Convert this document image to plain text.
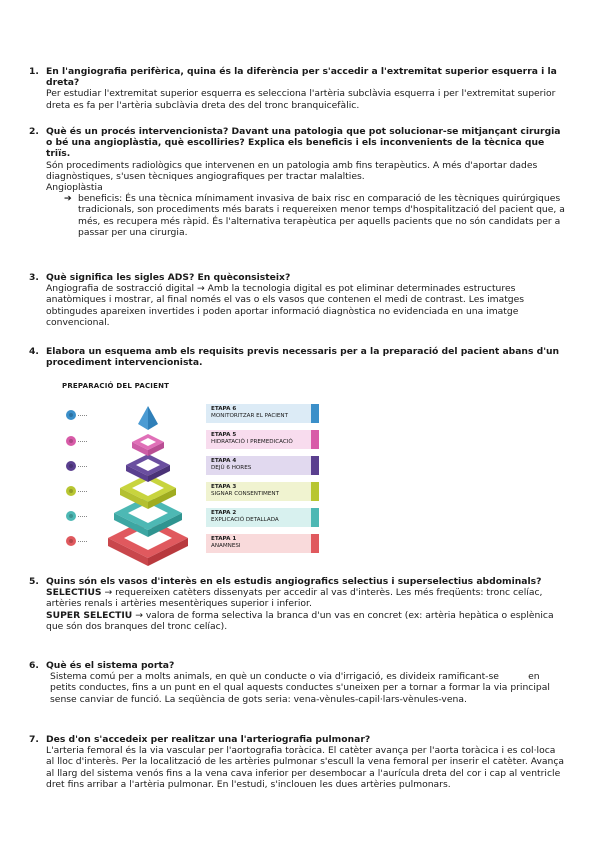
1. En l'angiografia perifèrica, quina és la diferència per s'accedir a l'extremitat superior esquerra i la dreta?

Per estudiar l'extremitat superior esquerra es selecciona l'artèria subclàvia esquerra i per l'extremitat superior dreta es fa per l'artèria subclàvia dreta des del tronc branquicefàlic.

2. Què és un procés intervencionista? Davant una patologia que pot solucionar-se mitjançant cirurgia o bé una angioplàstia, què escolliries? Explica els beneficis i els inconvenients de la tècnica que triïs.

Són procediments radiològics que intervenen en un patologia amb fins terapèutics. A més d'aportar dades diagnòstiques, s'usen tècniques angiografiques per tractar malalties.

Angioplàstia

➔ beneficis: És una tècnica mínimament invasiva de baix risc en comparació de les tècniques quirúrgiques tradicionals, son procediments més barats i requereixen menor temps d'hospitalització del pacient que, a més, es recupera més ràpid. És l'alternativa terapèutica per aquells pacients que no són candidats per a passar per una cirurgia.
3. Què significa les sigles ADS? En quèconsisteix?

Angiografia de sostracció digital → Amb la tecnologia digital es pot eliminar determinades estructures anatòmiques i mostrar, al final només el vas o els vasos que contenen el medi de contrast. Les imatges obtingudes apareixen invertides i poden aportar informació diagnòstica no evidenciada en una imatge convencional.

4. Elabora un esquema amb els requisits previs necessaris per a la preparació del pacient abans d'un procediment intervencionista.

PREPARACIÓ DEL PACIENT
ETAPA 6
MONITORITZAR EL PACIENT
ETAPA 5
HIDRATACIÓ I PREMEDICACIÓ
ETAPA 4
DEJÚ 6 HORES
ETAPA 3
SIGNAR CONSENTIMENT
ETAPA 2
EXPLICACIÓ DETALLADA
ETAPA 1
ANAMNESI
5. Quins són els vasos d'interès en els estudis angiografics selectius i superselectius abdominals?

SELECTIUS → requereixen catèters dissenyats per accedir al vas d'interès. Les més freqüents: tronc celíac, artèries renals i artèries mesentèriques superior i inferior.

SUPER SELECTIU → valora de forma selectiva la branca d'un vas en concret (ex: artèria hepàtica o esplènica que són dos branques del tronc celíac).

6. Què és el sistema porta?

Sistema comú per a molts animals, en què un conducte o via d'irrigació, es divideix ramificant-se          en petits conductes, fins a un punt en el qual aquests conductes s'uneixen per a tornar a formar la via principal sense canviar de funció. La seqüència de gots seria: vena-vènules-capil·lars-vènules-vena.

7. Des d'on s'accedeix per realitzar una l'arteriografia pulmonar?

L'arteria femoral és la via vascular per l'aortografia toràcica. El catèter avança per l'aorta toràcica i es col·loca al lloc d'interès. Per la localització de les artèries pulmonar s'escull la vena femoral per inserir el catèter. Avança al llarg del sistema venós fins a la vena cava inferior per desembocar a l'aurícula dreta del cor i cap al ventricle dret fins arribar a l'artèria pulmonar. En l'estudi, s'inclouen les dues artèries pulmonars.
